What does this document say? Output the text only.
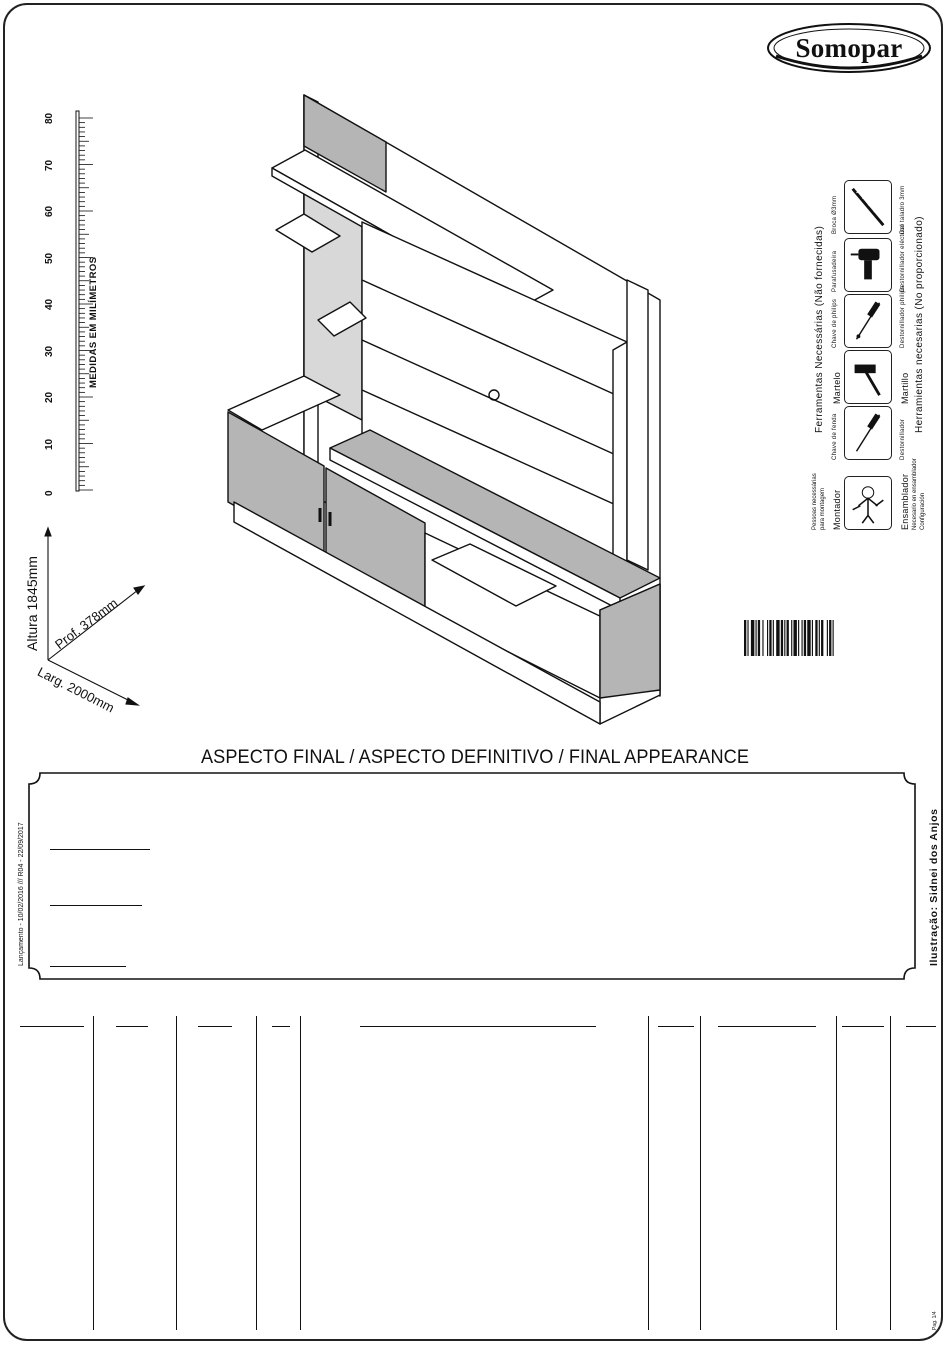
Somopar
0
10
20
30
40
50
60
70
80
MEDIDAS EM MILÍMETROS
Altura 1845mm Prof. 378mm
Larg. 2000mm
Ferramentas Necessárias (Não fornecidas)	Herramientas necesarias (No proporcionado)
Montador	Ensamblador
Pessoas necessárias para montagem	Necesario en ensamblador Configuración
Chave de fenda	Destornillador
Martelo	Martillo
Chave de philips	Destornillador philips
Parafusadeira	Destornillador eléctrico
Broca Ø3mm	Del taladro 3mm
ASPECTO FINAL / ASPECTO DEFINITIVO / FINAL APPEARANCE
Lançamento - 10/02/2016 /// R04 - 22/09/2017	Ilustração: Sidnei dos Anjos
Pag. 1/4
